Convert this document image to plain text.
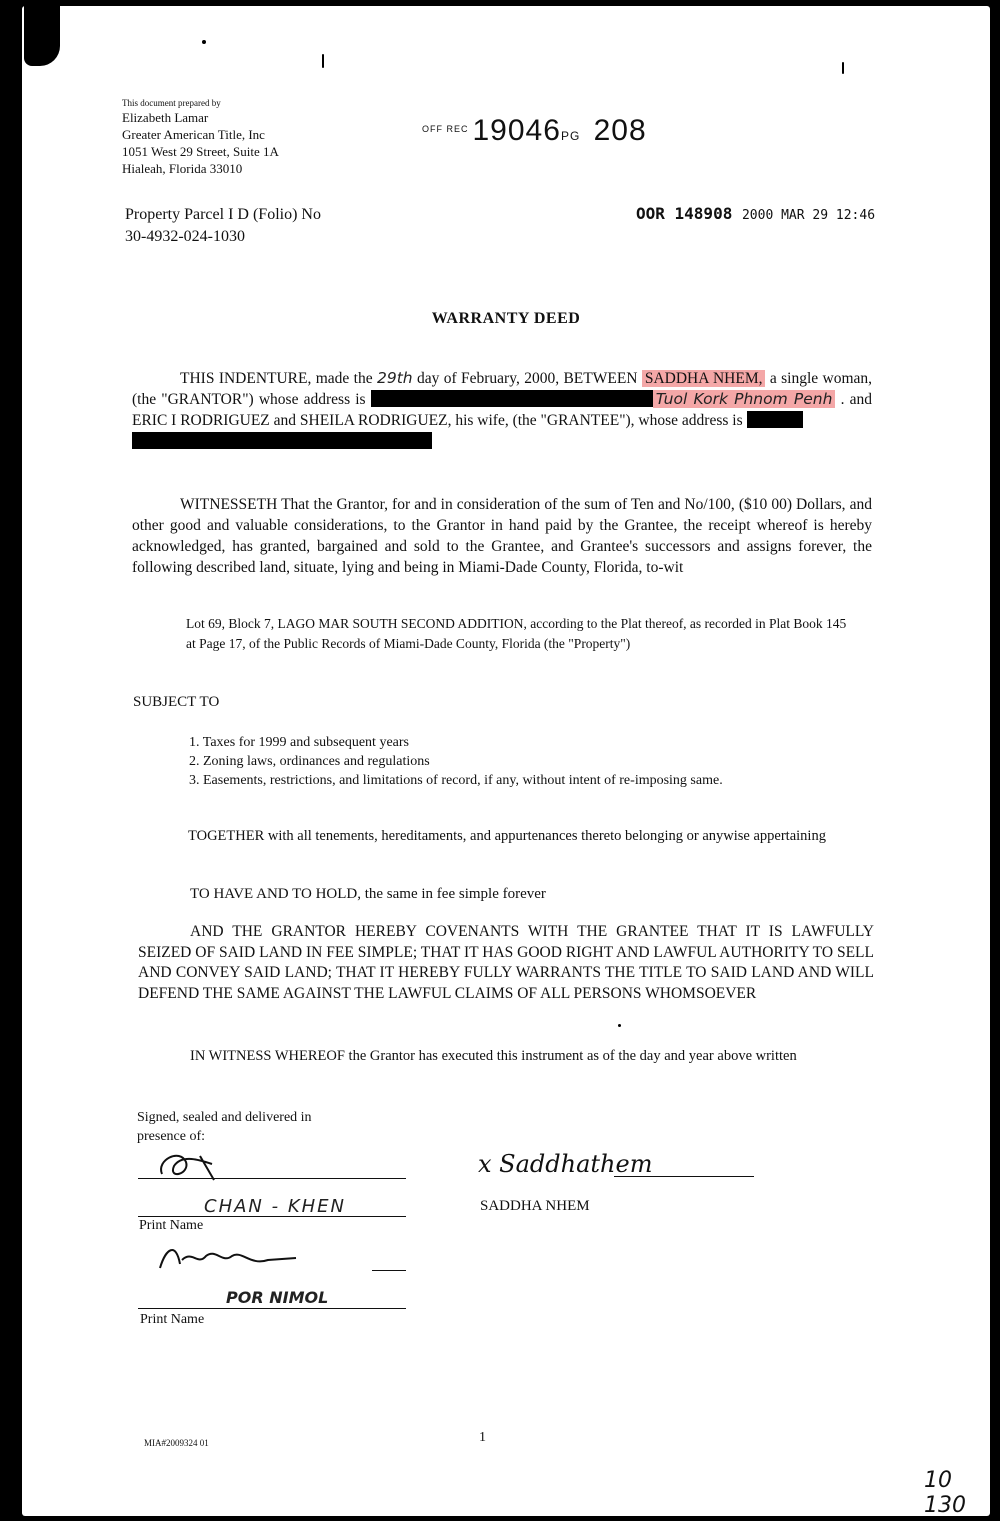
This document prepared by
Elizabeth Lamar
Greater American Title, Inc
1051 West 29 Street, Suite 1A
Hialeah, Florida 33010
OFF REC 19046PG 208
Property Parcel I D (Folio) No
30-4932-024-1030
OOR 148908 2000 MAR 29 12:46
WARRANTY DEED
THIS INDENTURE, made the 29th day of February, 2000, BETWEEN SADDHA NHEM, a single woman, (the "GRANTOR") whose address is	Tuol Kork Phnom Penh . and ERIC I RODRIGUEZ and SHEILA RODRIGUEZ, his wife, (the "GRANTEE"), whose address is

WITNESSETH That the Grantor, for and in consideration of the sum of Ten and No/100, ($10 00) Dollars, and other good and valuable considerations, to the Grantor in hand paid by the Grantee, the receipt whereof is hereby acknowledged, has granted, bargained and sold to the Grantee, and Grantee's successors and assigns forever, the following described land, situate, lying and being in Miami-Dade County, Florida, to-wit
Lot 69, Block 7, LAGO MAR SOUTH SECOND ADDITION, according to the Plat thereof, as recorded in Plat Book 145 at Page 17, of the Public Records of Miami-Dade County, Florida (the "Property")
SUBJECT TO
1. Taxes for 1999 and subsequent years
2. Zoning laws, ordinances and regulations
3. Easements, restrictions, and limitations of record, if any, without intent of re-imposing same.
TOGETHER with all tenements, hereditaments, and appurtenances thereto belonging or anywise appertaining
TO HAVE AND TO HOLD, the same in fee simple forever
AND THE GRANTOR HEREBY COVENANTS WITH THE GRANTEE THAT IT IS LAWFULLY SEIZED OF SAID LAND IN FEE SIMPLE; THAT IT HAS GOOD RIGHT AND LAWFUL AUTHORITY TO SELL AND CONVEY SAID LAND; THAT IT HEREBY FULLY WARRANTS THE TITLE TO SAID LAND AND WILL DEFEND THE SAME AGAINST THE LAWFUL CLAIMS OF ALL PERSONS WHOMSOEVER
IN WITNESS WHEREOF the Grantor has executed this instrument as of the day and year above written
Signed, sealed and delivered in
presence of:
CHAN - KHEN
Print Name
POR NIMOL
Print Name
x Saddhathem
SADDHA NHEM
MIA#2009324 01	1
10 130
